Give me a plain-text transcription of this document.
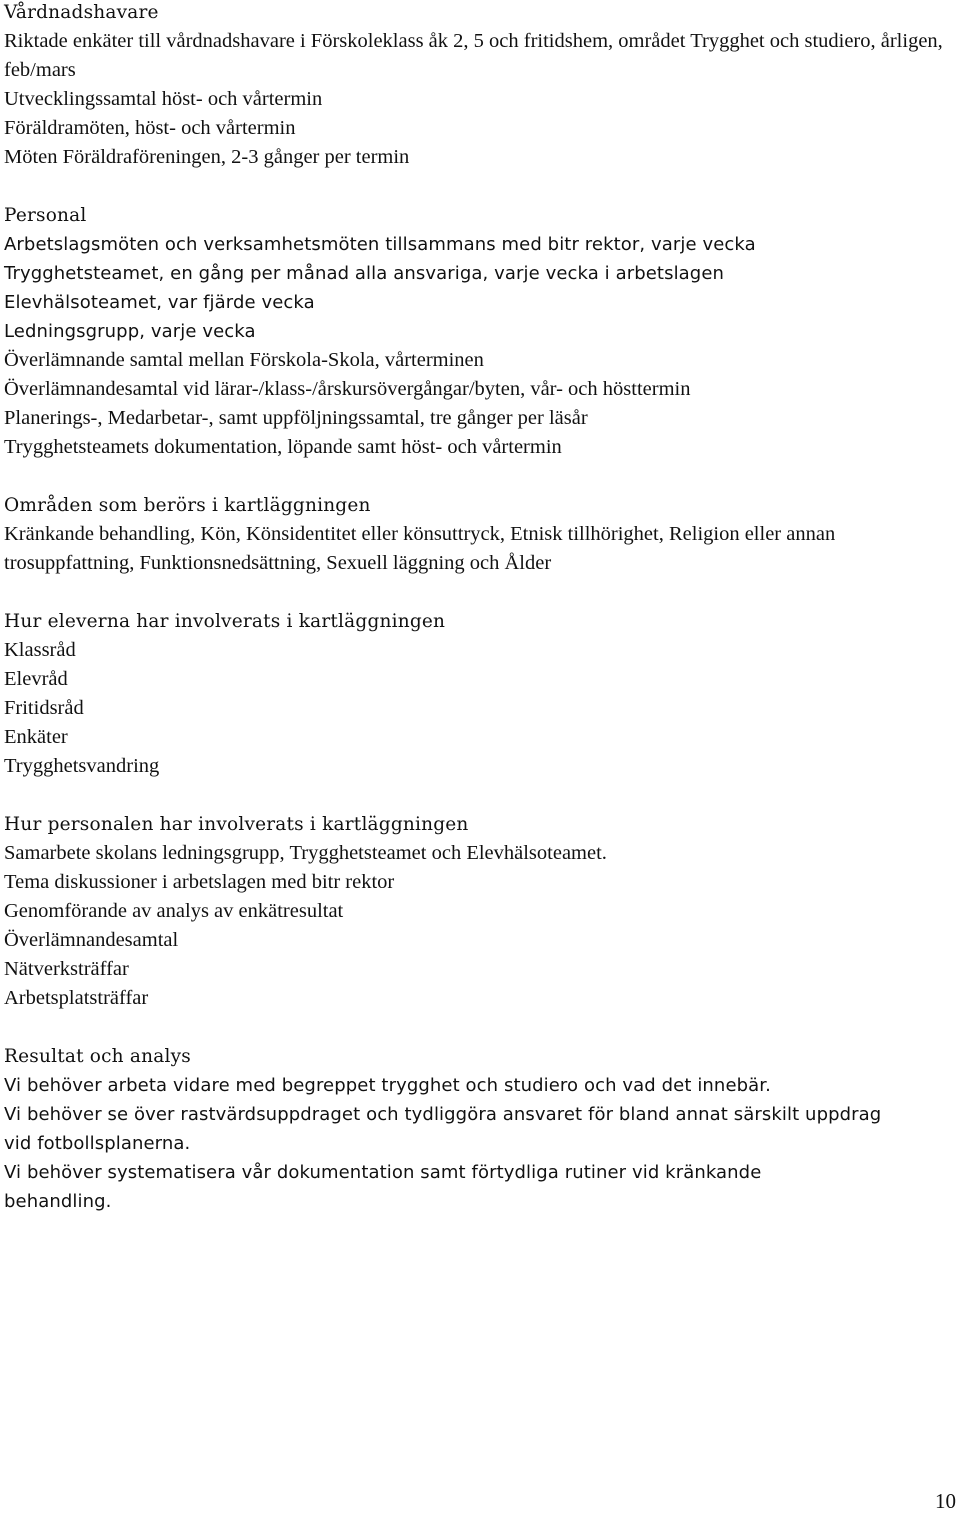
Vårdnadshavare
Riktade enkäter till vårdnadshavare i Förskoleklass åk 2, 5 och fritidshem, området Trygghet och studiero, årligen, feb/mars
Utvecklingssamtal höst- och vårtermin
Föräldramöten, höst- och vårtermin
Möten Föräldraföreningen, 2-3 gånger per termin
Personal
Arbetslagsmöten och verksamhetsmöten tillsammans med bitr rektor, varje vecka
Trygghetsteamet, en gång per månad alla ansvariga, varje vecka i arbetslagen
Elevhälsoteamet, var fjärde vecka
Ledningsgrupp, varje vecka
Överlämnande samtal mellan Förskola-Skola, vårterminen
Överlämnandesamtal vid lärar-/klass-/årskursövergångar/byten, vår- och hösttermin
Planerings-, Medarbetar-, samt uppföljningssamtal, tre gånger per läsår
Trygghetsteamets dokumentation, löpande samt höst- och vårtermin
Områden som berörs i kartläggningen
Kränkande behandling, Kön, Könsidentitet eller könsuttryck, Etnisk tillhörighet, Religion eller annan trosuppfattning, Funktionsnedsättning, Sexuell läggning och Ålder
Hur eleverna har involverats i kartläggningen
Klassråd
Elevråd
Fritidsråd
Enkäter
Trygghetsvandring
Hur personalen har involverats i kartläggningen
Samarbete skolans ledningsgrupp, Trygghetsteamet och Elevhälsoteamet.
Tema diskussioner i arbetslagen med bitr rektor
Genomförande av analys av enkätresultat
Överlämnandesamtal
Nätverksträffar
Arbetsplatsträffar
Resultat och analys
Vi behöver arbeta vidare med begreppet trygghet och studiero och vad det innebär.
Vi behöver se över rastvärdsuppdraget och tydliggöra ansvaret för bland annat särskilt uppdrag vid fotbollsplanerna.
Vi behöver systematisera vår dokumentation samt förtydliga rutiner vid kränkande behandling.
10
